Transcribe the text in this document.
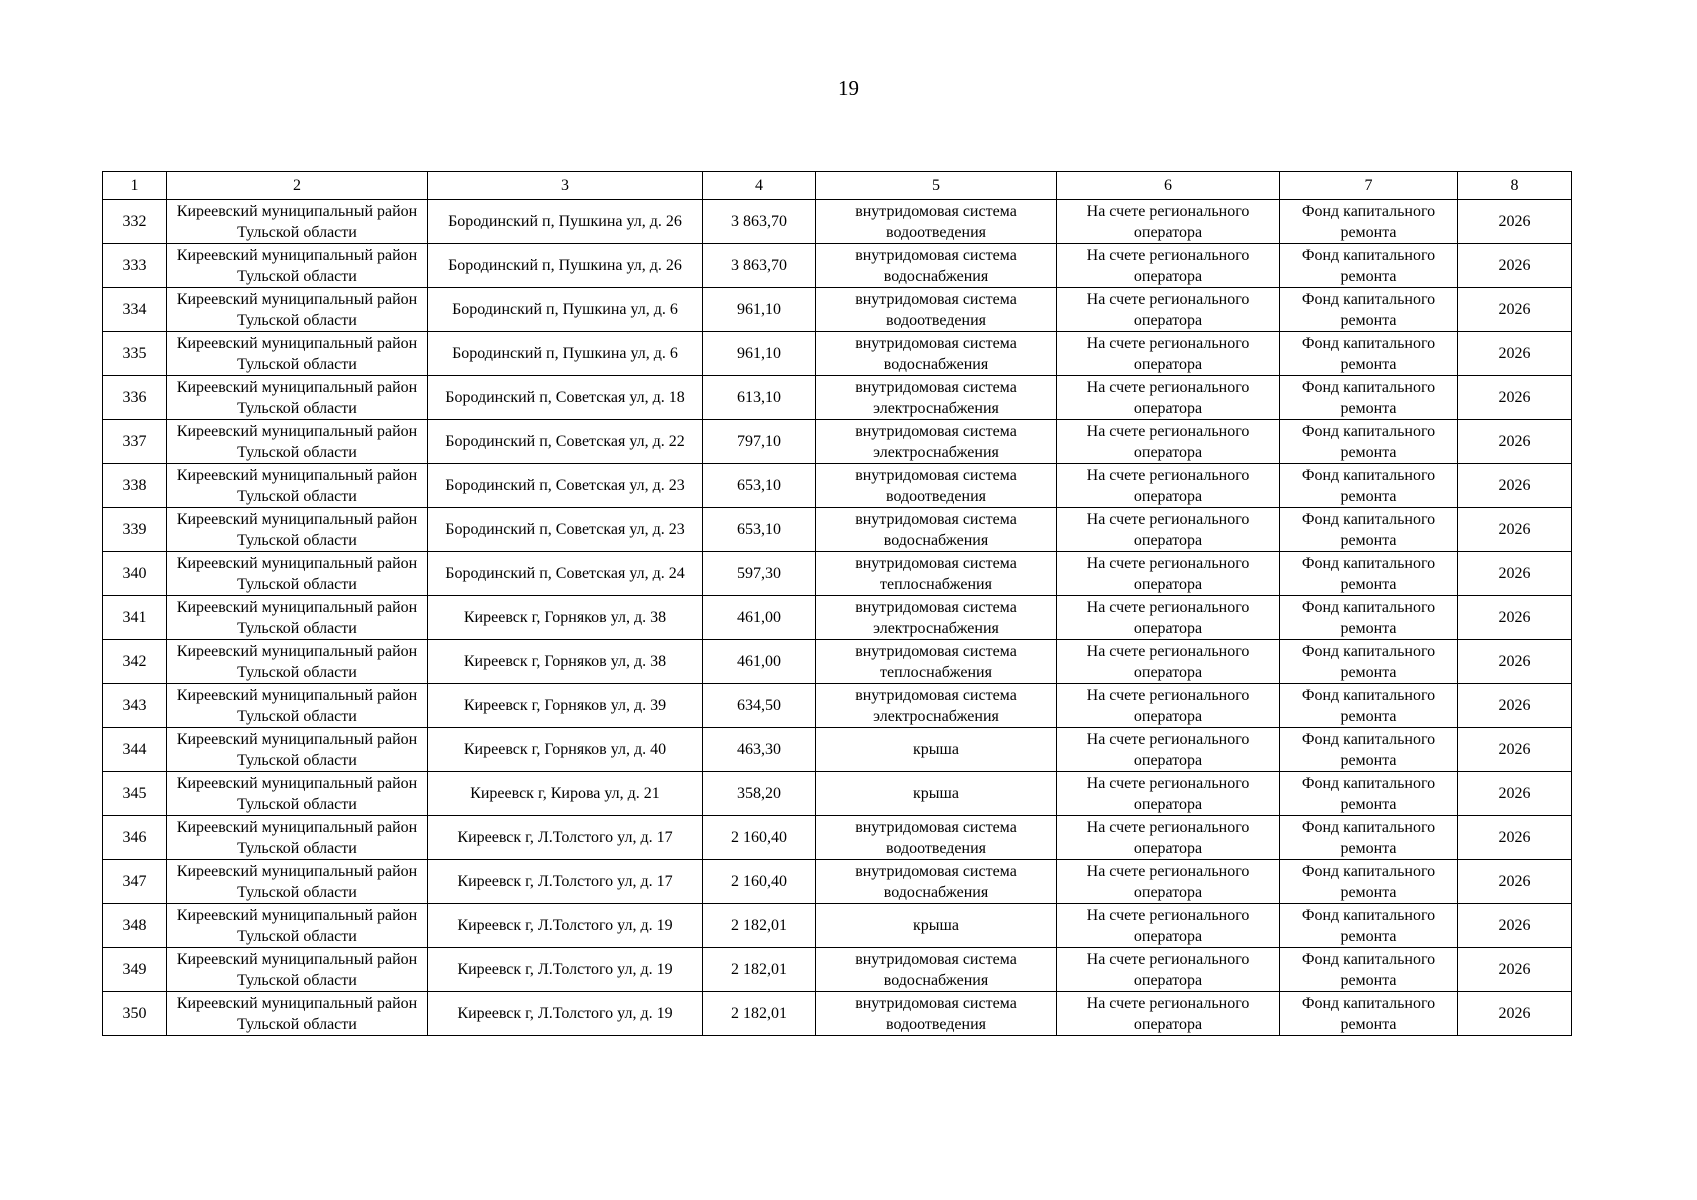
19
1	2	3	4	5	6	7	8
332	Киреевский муниципальный район Тульской области	Бородинский п, Пушкина ул, д. 26	3 863,70	внутридомовая система водоотведения	На счете регионального оператора	Фонд капитального ремонта	2026
333	Киреевский муниципальный район Тульской области	Бородинский п, Пушкина ул, д. 26	3 863,70	внутридомовая система водоснабжения	На счете регионального оператора	Фонд капитального ремонта	2026
334	Киреевский муниципальный район Тульской области	Бородинский п, Пушкина ул, д. 6	961,10	внутридомовая система водоотведения	На счете регионального оператора	Фонд капитального ремонта	2026
335	Киреевский муниципальный район Тульской области	Бородинский п, Пушкина ул, д. 6	961,10	внутридомовая система водоснабжения	На счете регионального оператора	Фонд капитального ремонта	2026
336	Киреевский муниципальный район Тульской области	Бородинский п, Советская ул, д. 18	613,10	внутридомовая система электроснабжения	На счете регионального оператора	Фонд капитального ремонта	2026
337	Киреевский муниципальный район Тульской области	Бородинский п, Советская ул, д. 22	797,10	внутридомовая система электроснабжения	На счете регионального оператора	Фонд капитального ремонта	2026
338	Киреевский муниципальный район Тульской области	Бородинский п, Советская ул, д. 23	653,10	внутридомовая система водоотведения	На счете регионального оператора	Фонд капитального ремонта	2026
339	Киреевский муниципальный район Тульской области	Бородинский п, Советская ул, д. 23	653,10	внутридомовая система водоснабжения	На счете регионального оператора	Фонд капитального ремонта	2026
340	Киреевский муниципальный район Тульской области	Бородинский п, Советская ул, д. 24	597,30	внутридомовая система теплоснабжения	На счете регионального оператора	Фонд капитального ремонта	2026
341	Киреевский муниципальный район Тульской области	Киреевск г, Горняков ул, д. 38	461,00	внутридомовая система электроснабжения	На счете регионального оператора	Фонд капитального ремонта	2026
342	Киреевский муниципальный район Тульской области	Киреевск г, Горняков ул, д. 38	461,00	внутридомовая система теплоснабжения	На счете регионального оператора	Фонд капитального ремонта	2026
343	Киреевский муниципальный район Тульской области	Киреевск г, Горняков ул, д. 39	634,50	внутридомовая система электроснабжения	На счете регионального оператора	Фонд капитального ремонта	2026
344	Киреевский муниципальный район Тульской области	Киреевск г, Горняков ул, д. 40	463,30	крыша	На счете регионального оператора	Фонд капитального ремонта	2026
345	Киреевский муниципальный район Тульской области	Киреевск г, Кирова ул, д. 21	358,20	крыша	На счете регионального оператора	Фонд капитального ремонта	2026
346	Киреевский муниципальный район Тульской области	Киреевск г, Л.Толстого ул, д. 17	2 160,40	внутридомовая система водоотведения	На счете регионального оператора	Фонд капитального ремонта	2026
347	Киреевский муниципальный район Тульской области	Киреевск г, Л.Толстого ул, д. 17	2 160,40	внутридомовая система водоснабжения	На счете регионального оператора	Фонд капитального ремонта	2026
348	Киреевский муниципальный район Тульской области	Киреевск г, Л.Толстого ул, д. 19	2 182,01	крыша	На счете регионального оператора	Фонд капитального ремонта	2026
349	Киреевский муниципальный район Тульской области	Киреевск г, Л.Толстого ул, д. 19	2 182,01	внутридомовая система водоснабжения	На счете регионального оператора	Фонд капитального ремонта	2026
350	Киреевский муниципальный район Тульской области	Киреевск г, Л.Толстого ул, д. 19	2 182,01	внутридомовая система водоотведения	На счете регионального оператора	Фонд капитального ремонта	2026
